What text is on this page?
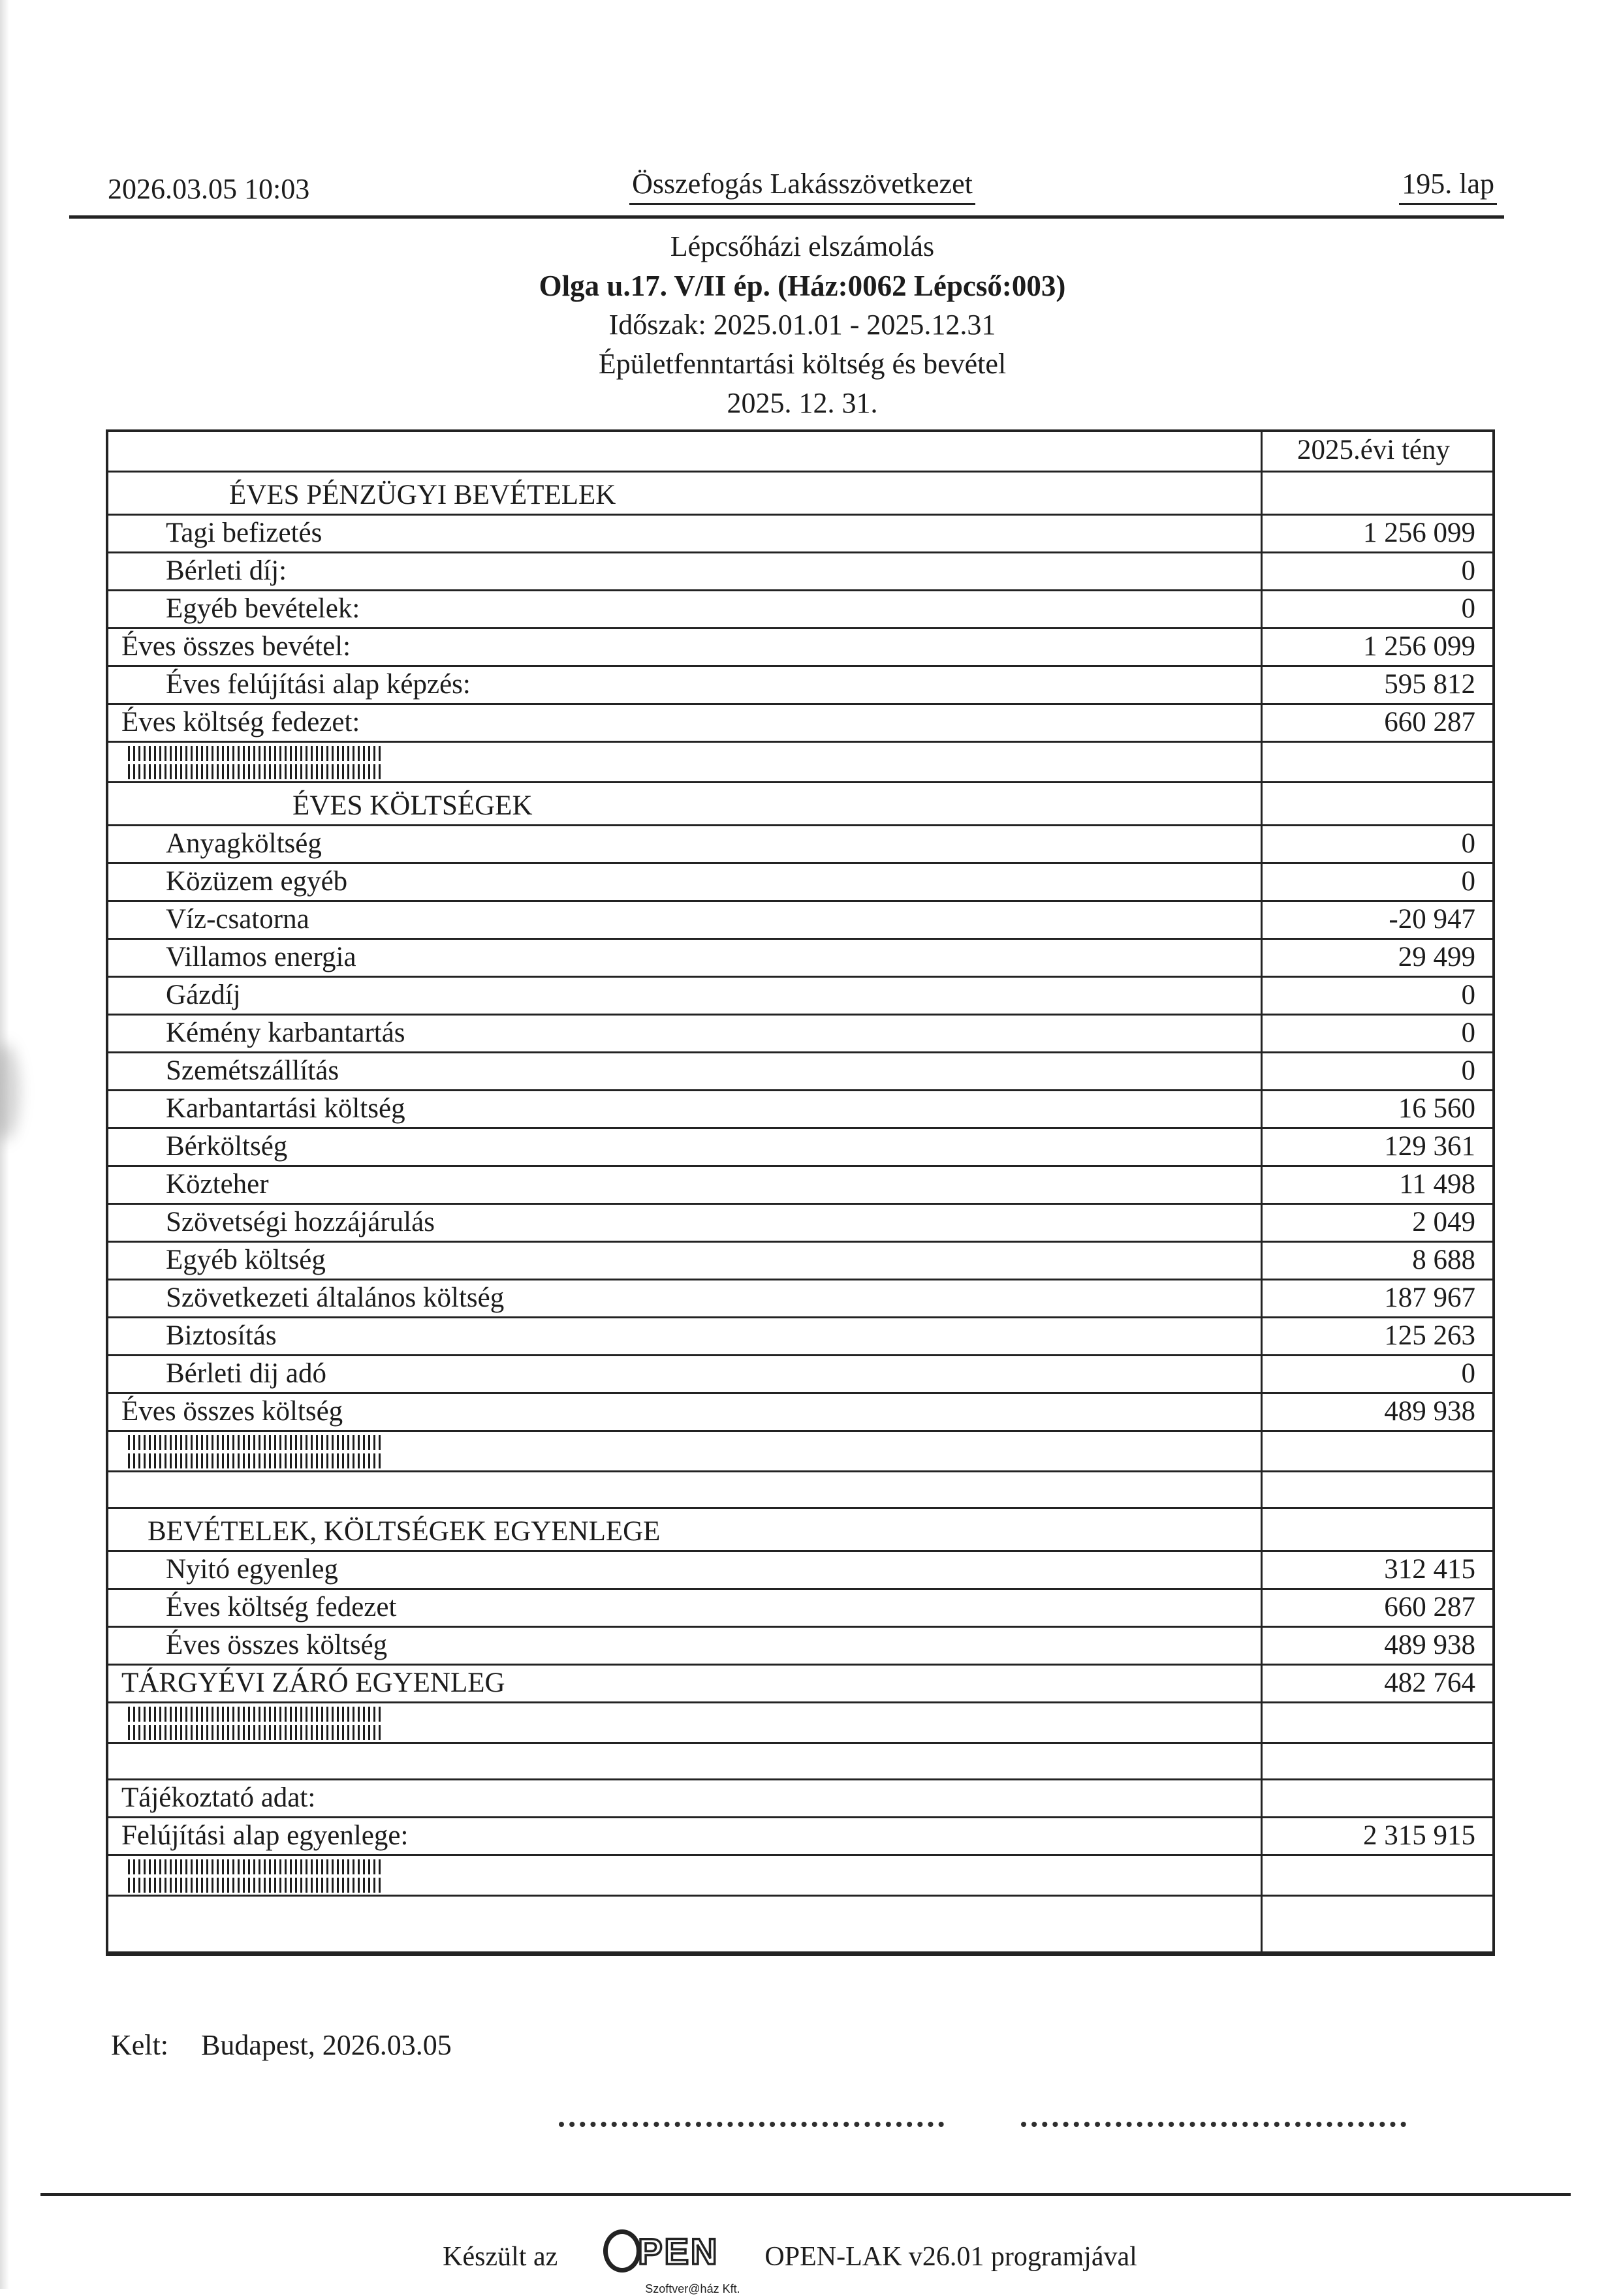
2026.03.05 10:03	Összefogás Lakásszövetkezet	195. lap
Lépcsőházi elszámolás
Olga u.17. V/II ép. (Ház:0062 Lépcső:003)
Időszak: 2025.01.01 - 2025.12.31
Épületfenntartási költség és bevétel
2025. 12. 31.
2025.évi tény
ÉVES PÉNZÜGYI BEVÉTELEK
Tagi befizetés	1 256 099
Bérleti díj:	0
Egyéb bevételek:	0
Éves összes bevétel:	1 256 099
Éves felújítási alap képzés:	595 812
Éves költség fedezet:	660 287
ÉVES KÖLTSÉGEK
Anyagköltség	0
Közüzem egyéb	0
Víz-csatorna	-20 947
Villamos energia	29 499
Gázdíj	0
Kémény karbantartás	0
Szemétszállítás	0
Karbantartási költség	16 560
Bérköltség	129 361
Közteher	11 498
Szövetségi hozzájárulás	2 049
Egyéb költség	8 688
Szövetkezeti általános költség	187 967
Biztosítás	125 263
Bérleti dij adó	0
Éves összes költség	489 938
BEVÉTELEK, KÖLTSÉGEK EGYENLEGE
Nyitó egyenleg	312 415
Éves költség fedezet	660 287
Éves összes költség	489 938
TÁRGYÉVI ZÁRÓ EGYENLEG	482 764
Tájékoztató adat:
Felújítási alap egyenlege:	2 315 915
Kelt: Budapest, 2026.03.05
Készült az PEN
Szoftver@ház Kft.
OPEN-LAK v26.01 programjával
